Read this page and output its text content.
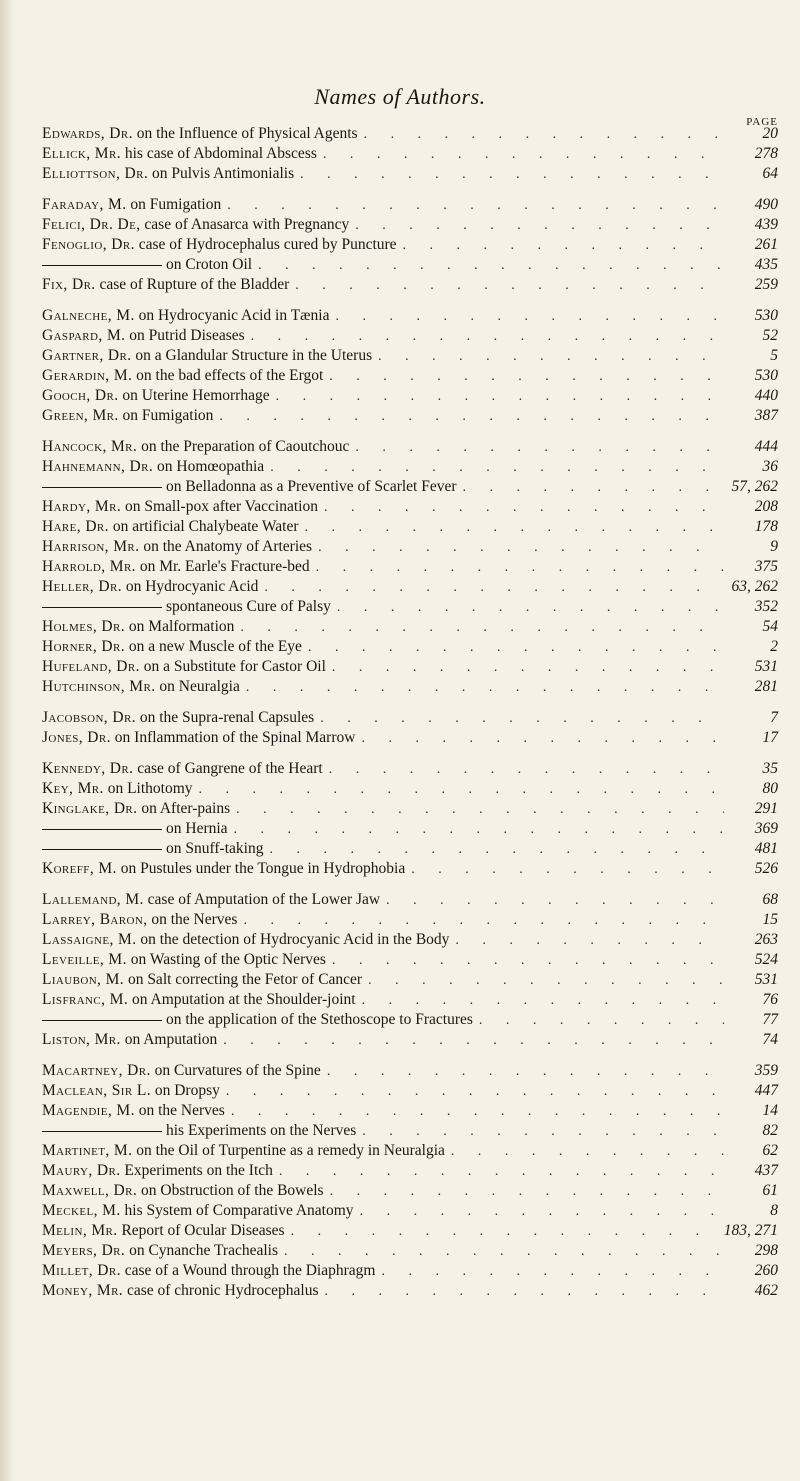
Names of Authors.
PAGE
Edwards, Dr. on the Influence of Physical Agents . . .	20
Ellick, Mr. his case of Abdominal Abscess . . .	278
Elliottson, Dr. on Pulvis Antimonialis . . .	64
Faraday, M. on Fumigation . . .	490
Felici, Dr. De, case of Anasarca with Pregnancy . . .	439
Fenoglio, Dr. case of Hydrocephalus cured by Puncture . . .	261
on Croton Oil . . .	435
Fix, Dr. case of Rupture of the Bladder . . .	259
Galneche, M. on Hydrocyanic Acid in Tænia . . .	530
Gaspard, M. on Putrid Diseases . . .	52
Gartner, Dr. on a Glandular Structure in the Uterus . . .	5
Gerardin, M. on the bad effects of the Ergot . . .	530
Gooch, Dr. on Uterine Hemorrhage . . .	440
Green, Mr. on Fumigation . . .	387
Hancock, Mr. on the Preparation of Caoutchouc . . .	444
Hahnemann, Dr. on Homœopathia . . .	36
on Belladonna as a Preventive of Scarlet Fever . . .	57, 262
Hardy, Mr. on Small-pox after Vaccination . . .	208
Hare, Dr. on artificial Chalybeate Water . . .	178
Harrison, Mr. on the Anatomy of Arteries . . .	9
Harrold, Mr. on Mr. Earle's Fracture-bed . . .	375
Heller, Dr. on Hydrocyanic Acid . . .	63, 262
spontaneous Cure of Palsy . . .	352
Holmes, Dr. on Malformation . . .	54
Horner, Dr. on a new Muscle of the Eye . . .	2
Hufeland, Dr. on a Substitute for Castor Oil . . .	531
Hutchinson, Mr. on Neuralgia . . .	281
Jacobson, Dr. on the Supra-renal Capsules . . .	7
Jones, Dr. on Inflammation of the Spinal Marrow . . .	17
Kennedy, Dr. case of Gangrene of the Heart . . .	35
Key, Mr. on Lithotomy . . .	80
Kinglake, Dr. on After-pains . . .	291
on Hernia . . .	369
on Snuff-taking . . .	481
Koreff, M. on Pustules under the Tongue in Hydrophobia . . .	526
Lallemand, M. case of Amputation of the Lower Jaw . . .	68
Larrey, Baron, on the Nerves . . .	15
Lassaigne, M. on the detection of Hydrocyanic Acid in the Body . . .	263
Leveille, M. on Wasting of the Optic Nerves . . .	524
Liaubon, M. on Salt correcting the Fetor of Cancer . . .	531
Lisfranc, M. on Amputation at the Shoulder-joint . . .	76
on the application of the Stethoscope to Fractures . . .	77
Liston, Mr. on Amputation . . .	74
Macartney, Dr. on Curvatures of the Spine . . .	359
Maclean, Sir L. on Dropsy . . .	447
Magendie, M. on the Nerves . . .	14
his Experiments on the Nerves . . .	82
Martinet, M. on the Oil of Turpentine as a remedy in Neuralgia . . .	62
Maury, Dr. Experiments on the Itch . . .	437
Maxwell, Dr. on Obstruction of the Bowels . . .	61
Meckel, M. his System of Comparative Anatomy . . .	8
Melin, Mr. Report of Ocular Diseases . . .	183, 271
Meyers, Dr. on Cynanche Trachealis . . .	298
Millet, Dr. case of a Wound through the Diaphragm . . .	260
Money, Mr. case of chronic Hydrocephalus . . .	462
